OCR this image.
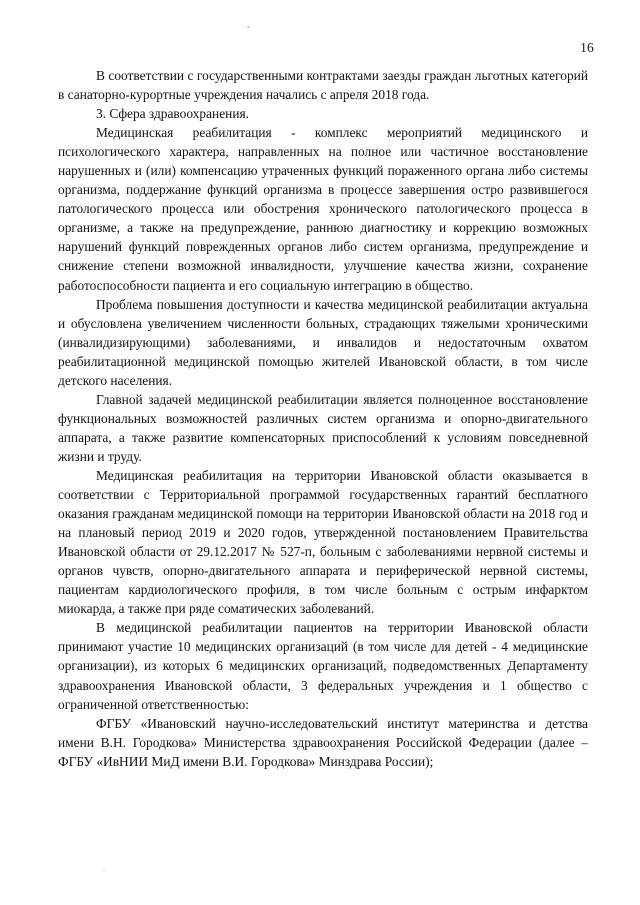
16

В соответствии с государственными контрактами заезды граждан льготных категорий в санаторно-курортные учреждения начались с апреля 2018 года.

3. Сфера здравоохранения.

Медицинская реабилитация - комплекс мероприятий медицинского и психологического характера, направленных на полное или частичное восстановление нарушенных и (или) компенсацию утраченных функций пораженного органа либо системы организма, поддержание функций организма в процессе завершения остро развившегося патологического процесса или обострения хронического патологического процесса в организме, а также на предупреждение, раннюю диагностику и коррекцию возможных нарушений функций поврежденных органов либо систем организма, предупреждение и снижение степени возможной инвалидности, улучшение качества жизни, сохранение работоспособности пациента и его социальную интеграцию в общество.

Проблема повышения доступности и качества медицинской реабилитации актуальна и обусловлена увеличением численности больных, страдающих тяжелыми хроническими (инвалидизирующими) заболеваниями, и инвалидов и недостаточным охватом реабилитационной медицинской помощью жителей Ивановской области, в том числе детского населения.

Главной задачей медицинской реабилитации является полноценное восстановление функциональных возможностей различных систем организма и опорно-двигательного аппарата, а также развитие компенсаторных приспособлений к условиям повседневной жизни и труду.

Медицинская реабилитация на территории Ивановской области оказывается в соответствии с Территориальной программой государственных гарантий бесплатного оказания гражданам медицинской помощи на территории Ивановской области на 2018 год и на плановый период 2019 и 2020 годов, утвержденной постановлением Правительства Ивановской области от 29.12.2017 № 527-п, больным с заболеваниями нервной системы и органов чувств, опорно-двигательного аппарата и периферической нервной системы, пациентам кардиологического профиля, в том числе больным с острым инфарктом миокарда, а также при ряде соматических заболеваний.

В медицинской реабилитации пациентов на территории Ивановской области принимают участие 10 медицинских организаций (в том числе для детей - 4 медицинские организации), из которых 6 медицинских организаций, подведомственных Департаменту здравоохранения Ивановской области, 3 федеральных учреждения и 1 общество с ограниченной ответственностью:

ФГБУ «Ивановский научно-исследовательский институт материнства и детства имени В.Н. Городкова» Министерства здравоохранения Российской Федерации (далее – ФГБУ «ИвНИИ МиД имени В.И. Городкова» Минздрава России);
